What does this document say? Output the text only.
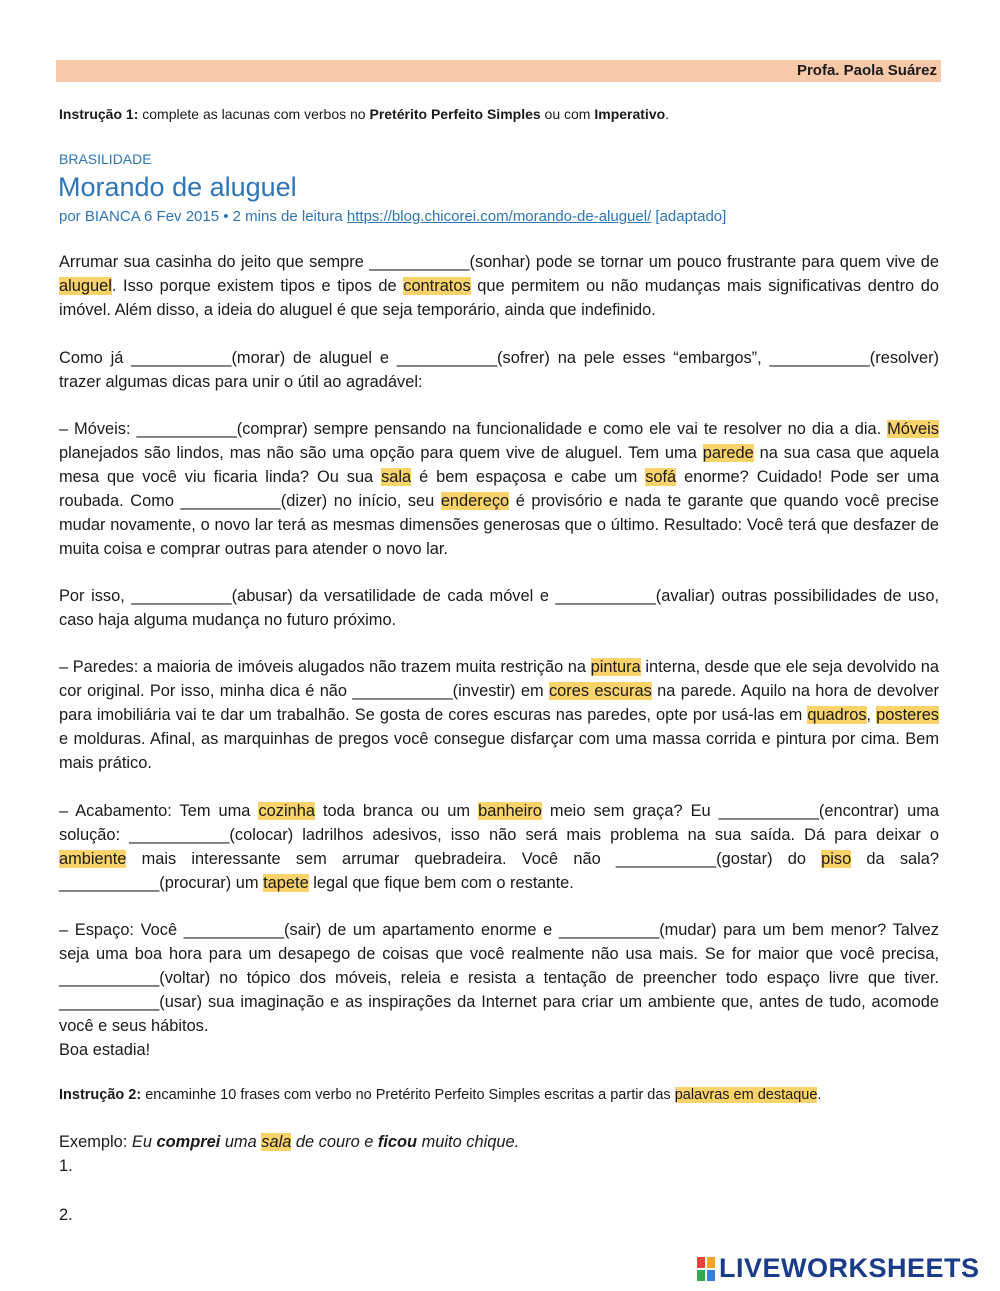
Profa. Paola Suárez
Instrução 1: complete as lacunas com verbos no Pretérito Perfeito Simples ou com Imperativo.
BRASILIDADE
Morando de aluguel
por BIANCA 6 Fev 2015 • 2 mins de leitura https://blog.chicorei.com/morando-de-aluguel/ [adaptado]

Arrumar sua casinha do jeito que sempre ___________(sonhar) pode se tornar um pouco frustrante para quem vive de aluguel. Isso porque existem tipos e tipos de contratos que permitem ou não mudanças mais significativas dentro do imóvel. Além disso, a ideia do aluguel é que seja temporário, ainda que indefinido.

Como já ___________(morar) de aluguel e ___________(sofrer) na pele esses “embargos”, ___________(resolver) trazer algumas dicas para unir o útil ao agradável:

– Móveis: ___________(comprar) sempre pensando na funcionalidade e como ele vai te resolver no dia a dia. Móveis planejados são lindos, mas não são uma opção para quem vive de aluguel. Tem uma parede na sua casa que aquela mesa que você viu ficaria linda? Ou sua sala é bem espaçosa e cabe um sofá enorme? Cuidado! Pode ser uma roubada. Como ___________(dizer) no início, seu endereço é provisório e nada te garante que quando você precise mudar novamente, o novo lar terá as mesmas dimensões generosas que o último. Resultado: Você terá que desfazer de muita coisa e comprar outras para atender o novo lar.

Por isso, ___________(abusar) da versatilidade de cada móvel e ___________(avaliar) outras possibilidades de uso, caso haja alguma mudança no futuro próximo.

– Paredes: a maioria de imóveis alugados não trazem muita restrição na pintura interna, desde que ele seja devolvido na cor original. Por isso, minha dica é não ___________(investir) em cores escuras na parede. Aquilo na hora de devolver para imobiliária vai te dar um trabalhão. Se gosta de cores escuras nas paredes, opte por usá-las em quadros, posteres e molduras. Afinal, as marquinhas de pregos você consegue disfarçar com uma massa corrida e pintura por cima. Bem mais prático.

– Acabamento: Tem uma cozinha toda branca ou um banheiro meio sem graça? Eu ___________(encontrar) uma solução: ___________(colocar) ladrilhos adesivos, isso não será mais problema na sua saída. Dá para deixar o ambiente mais interessante sem arrumar quebradeira. Você não ___________(gostar) do piso da sala? ___________(procurar) um tapete legal que fique bem com o restante.

– Espaço: Você ___________(sair) de um apartamento enorme e ___________(mudar) para um bem menor? Talvez seja uma boa hora para um desapego de coisas que você realmente não usa mais. Se for maior que você precisa, ___________(voltar) no tópico dos móveis, releia e resista a tentação de preencher todo espaço livre que tiver. ___________(usar) sua imaginação e as inspirações da Internet para criar um ambiente que, antes de tudo, acomode você e seus hábitos.

Boa estadia!

Instrução 2: encaminhe 10 frases com verbo no Pretérito Perfeito Simples escritas a partir das palavras em destaque.
Exemplo: Eu comprei uma sala de couro e ficou muito chique.
1.
2.
LIVEWORKSHEETS
